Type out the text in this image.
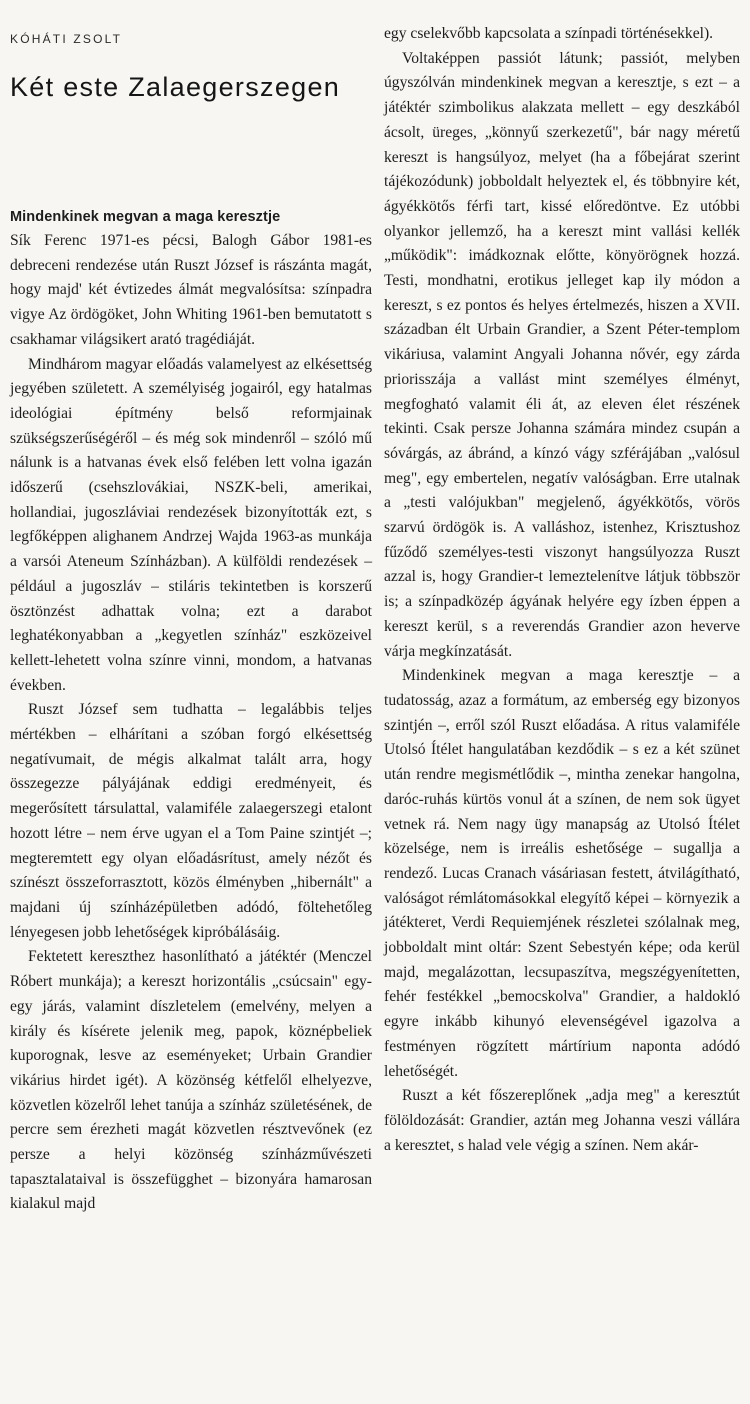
KÓHÁTI ZSOLT
Két este Zalaegerszegen
Mindenkinek megvan a maga keresztje

Sík Ferenc 1971-es pécsi, Balogh Gábor 1981-es debreceni rendezése után Ruszt József is rászánta magát, hogy majd' két évtizedes álmát megvalósítsa: színpadra vigye Az ördögöket, John Whiting 1961-ben bemutatott s csakhamar világsikert arató tragédiáját.

Mindhárom magyar előadás valamelyest az elkésettség jegyében született. A személyiség jogairól, egy hatalmas ideológiai építmény belső reformjainak szükségszerűségéről – és még sok mindenről – szóló mű nálunk is a hatvanas évek első felében lett volna igazán időszerű (csehszlovákiai, NSZK-beli, amerikai, hollandiai, jugoszláviai rendezések bizonyították ezt, s legfőképpen alighanem Andrzej Wajda 1963-as munkája a varsói Ateneum Színházban). A külföldi rendezések – például a jugoszláv – stiláris tekintetben is korszerű ösztönzést adhattak volna; ezt a darabot leghatékonyabban a „kegyetlen színház" eszközeivel kellett-lehetett volna színre vinni, mondom, a hatvanas években.

Ruszt József sem tudhatta – legalábbis teljes mértékben – elhárítani a szóban forgó elkésettség negatívumait, de mégis alkalmat talált arra, hogy összegezze pályájának eddigi eredményeit, és megerősített társulattal, valamiféle zalaegerszegi etalont hozott létre – nem érve ugyan el a Tom Paine szintjét –; megteremtett egy olyan előadásrítust, amely nézőt és színészt összeforrasztott, közös élményben „hibernált" a majdani új színházépületben adódó, föltehetőleg lényegesen jobb lehetőségek kipróbálásáig.

Fektetett kereszthez hasonlítható a játéktér (Menczel Róbert munkája); a kereszt horizontális „csúcsain" egy-egy járás, valamint díszletelem (emelvény, melyen a király és kísérete jelenik meg, papok, köznépbeliek kuporognak, lesve az eseményeket; Urbain Grandier vikárius hirdet igét). A közönség kétfelől elhelyezve, közvetlen közelről lehet tanúja a színház születésének, de percre sem érezheti magát közvetlen résztvevőnek (ez persze a helyi közönség színházművészeti tapasztalataival is összefügghet – bizonyára hamarosan kialakul majd

egy cselekvőbb kapcsolata a színpadi történésekkel).

Voltaképpen passiót látunk; passiót, melyben úgyszólván mindenkinek megvan a keresztje, s ezt – a játéktér szimbolikus alakzata mellett – egy deszkából ácsolt, üreges, „könnyű szerkezetű", bár nagy méretű kereszt is hangsúlyoz, melyet (ha a főbejárat szerint tájékozódunk) jobboldalt helyeztek el, és többnyire két, ágyékkötős férfi tart, kissé előredöntve. Ez utóbbi olyankor jellemző, ha a kereszt mint vallási kellék „működik": imádkoznak előtte, könyörögnek hozzá. Testi, mondhatni, erotikus jelleget kap ily módon a kereszt, s ez pontos és helyes értelmezés, hiszen a XVII. században élt Urbain Grandier, a Szent Péter-templom vikáriusa, valamint Angyali Johanna nővér, egy zárda priorisszája a vallást mint személyes élményt, megfogható valamit éli át, az eleven élet részének tekinti. Csak persze Johanna számára mindez csupán a sóvárgás, az ábránd, a kínzó vágy szférájában „valósul meg", egy embertelen, negatív valóságban. Erre utalnak a „testi valójukban" megjelenő, ágyékkötős, vörös szarvú ördögök is. A valláshoz, istenhez, Krisztushoz fűződő személyes-testi viszonyt hangsúlyozza Ruszt azzal is, hogy Grandier-t lemeztelenítve látjuk többször is; a színpadközép ágyának helyére egy ízben éppen a kereszt kerül, s a reverendás Grandier azon heverve várja megkínzatását.

Mindenkinek megvan a maga keresztje – a tudatosság, azaz a formátum, az emberség egy bizonyos szintjén –, erről szól Ruszt előadása. A ritus valamiféle Utolsó Ítélet hangulatában kezdődik – s ez a két szünet után rendre megismétlődik –, mintha zenekar hangolna, daróc-ruhás kürtös vonul át a színen, de nem sok ügyet vetnek rá. Nem nagy ügy manapság az Utolsó Ítélet közelsége, nem is irreális eshetősége – sugallja a rendező. Lucas Cranach vásáriasan festett, átvilágítható, valóságot rémlátomásokkal elegyítő képei – környezik a játékteret, Verdi Requiemjének részletei szólalnak meg, jobboldalt mint oltár: Szent Sebestyén képe; oda kerül majd, megalázottan, lecsupaszítva, megszégyenítetten, fehér festékkel „bemocskolva" Grandier, a haldokló egyre inkább kihunyó elevenségével igazolva a festményen rögzített mártírium naponta adódó lehetőségét.

Ruszt a két főszereplőnek „adja meg" a keresztút fölöldozását: Grandier, aztán meg Johanna veszi vállára a keresztet, s halad vele végig a színen. Nem akár-
